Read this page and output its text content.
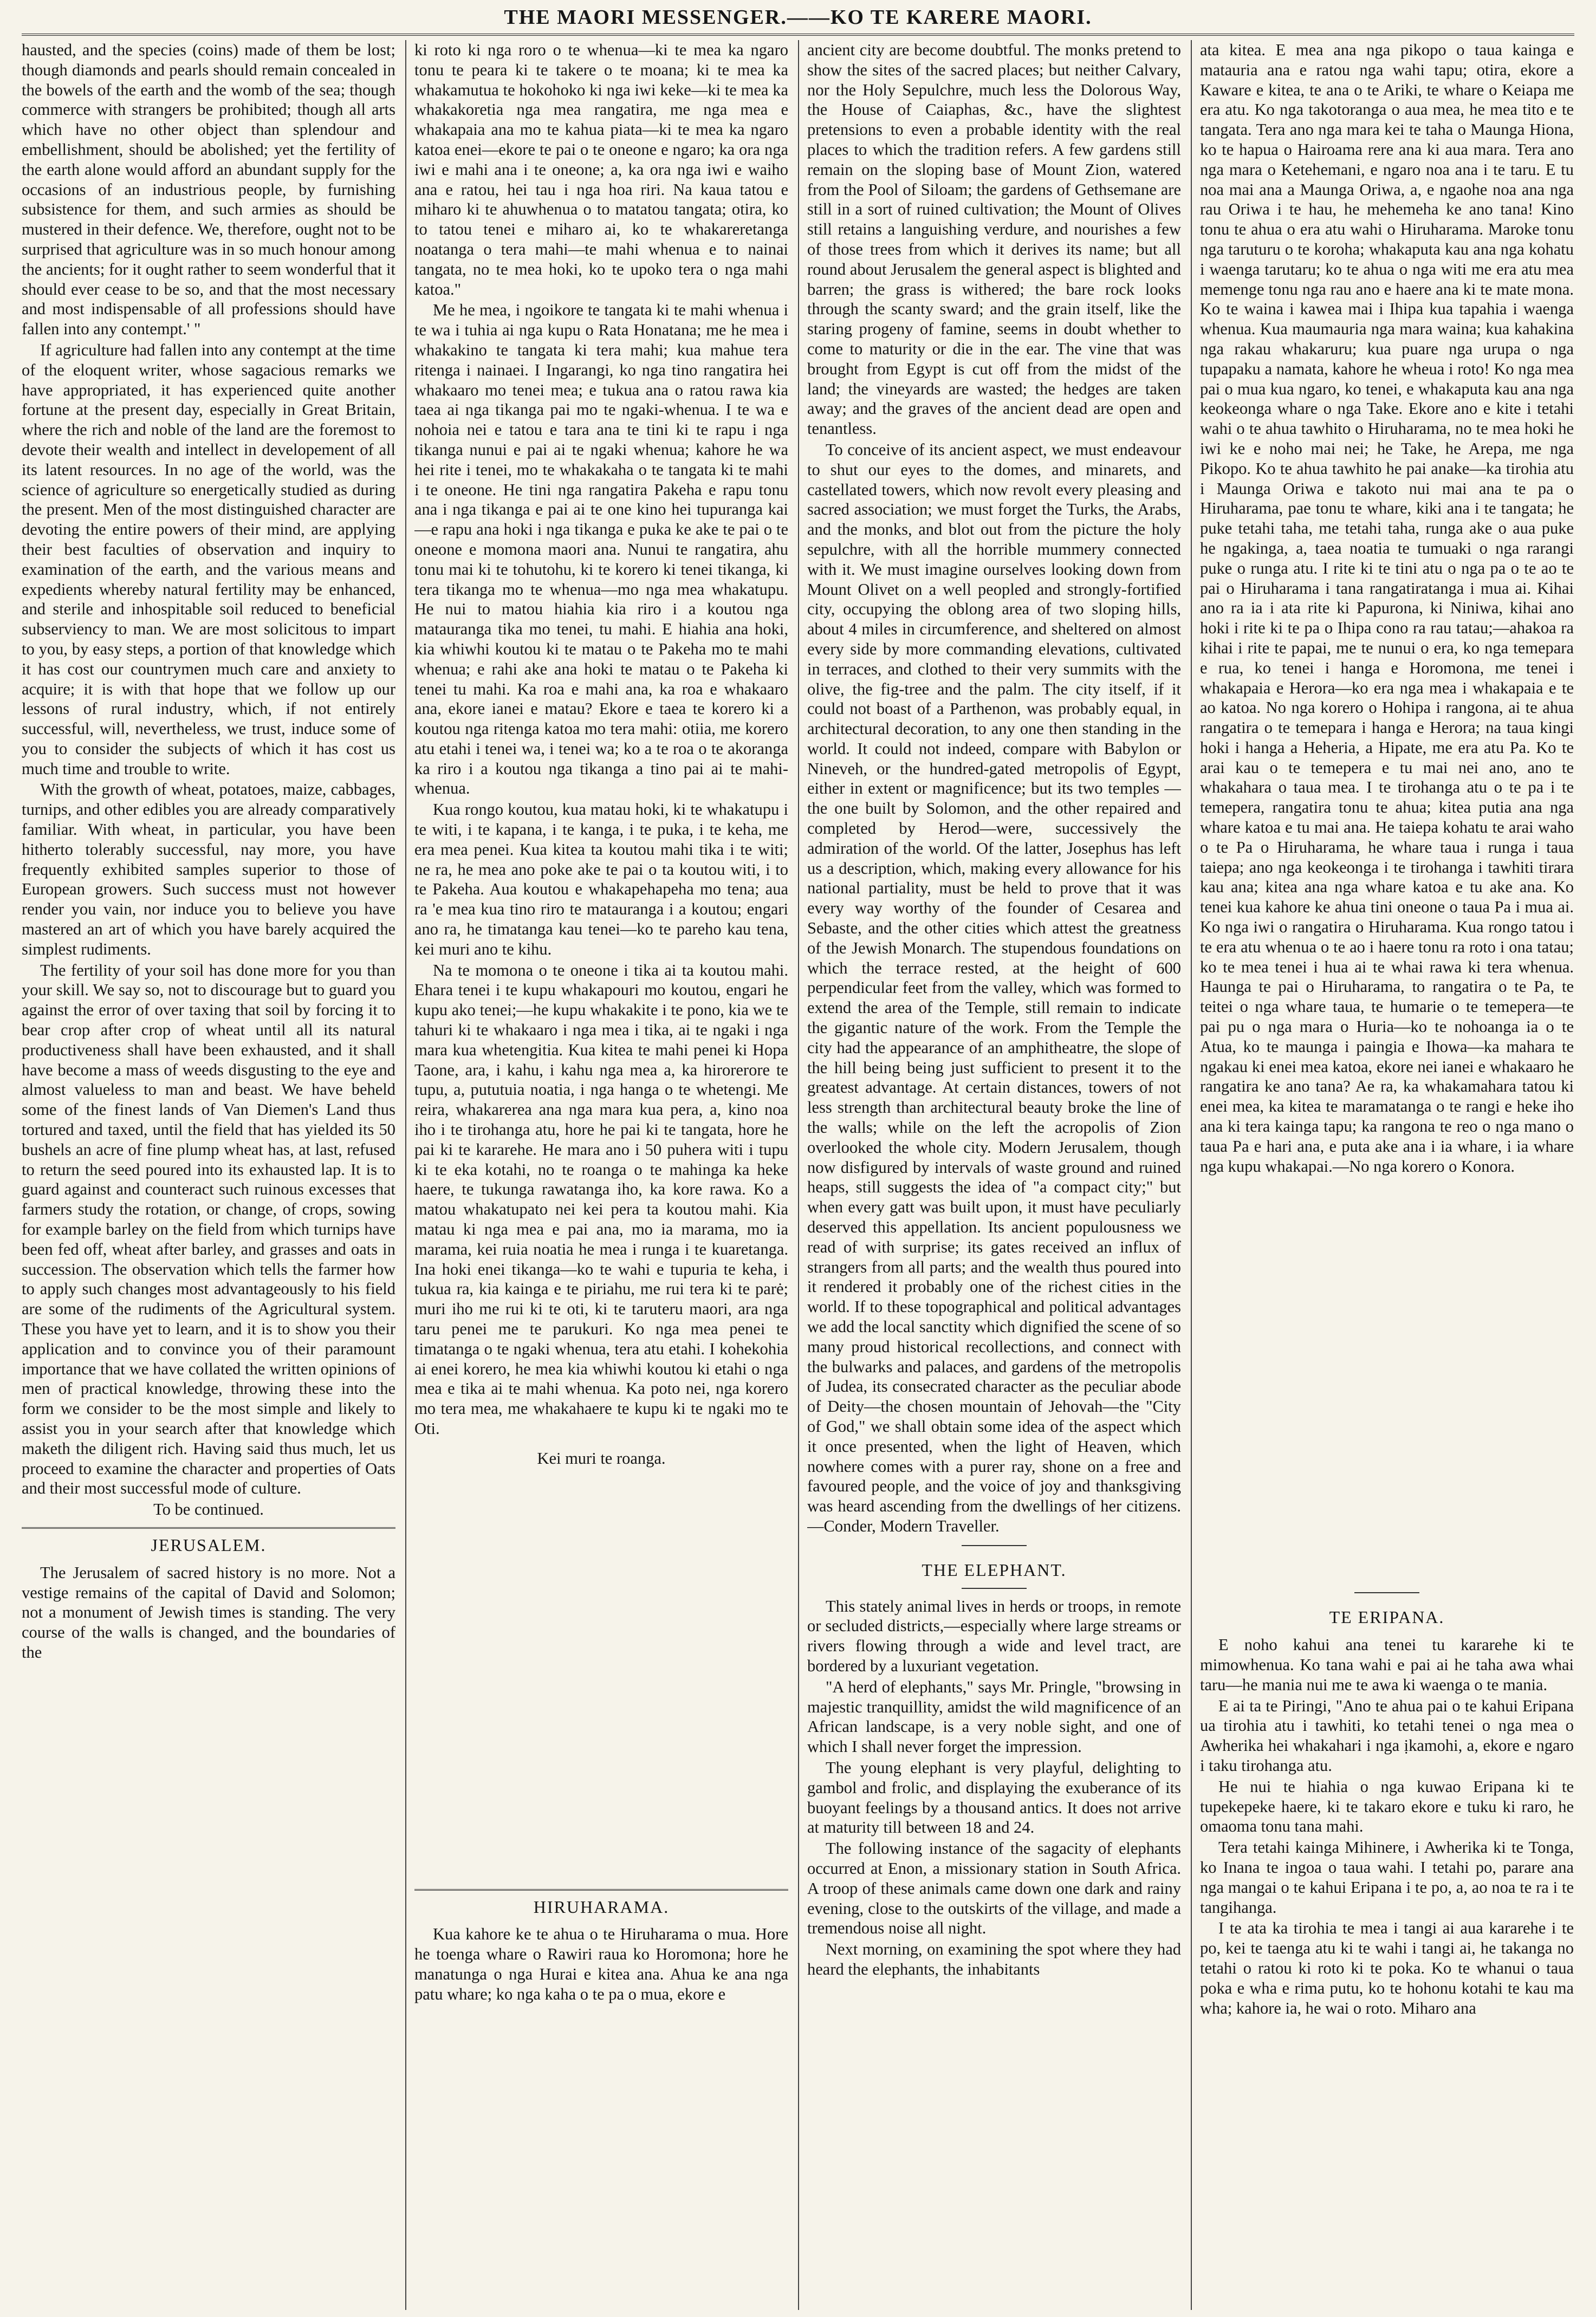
THE MAORI MESSENGER.——KO TE KARERE MAORI.

hausted, and the species (coins) made of them be lost; though diamonds and pearls should remain concealed in the bowels of the earth and the womb of the sea; though commerce with strangers be prohibited; though all arts which have no other object than splendour and embellishment, should be abolished; yet the fertility of the earth alone would afford an abundant supply for the occasions of an industrious people, by furnishing subsistence for them, and such armies as should be mustered in their defence. We, therefore, ought not to be surprised that agriculture was in so much honour among the ancients; for it ought rather to seem wonderful that it should ever cease to be so, and that the most necessary and most indispensable of all professions should have fallen into any contempt.' "

If agriculture had fallen into any contempt at the time of the eloquent writer, whose sagacious remarks we have appropriated, it has experienced quite another fortune at the present day, especially in Great Britain, where the rich and noble of the land are the foremost to devote their wealth and intellect in developement of all its latent resources. In no age of the world, was the science of agriculture so energetically studied as during the present. Men of the most distinguished character are devoting the entire powers of their mind, are applying their best faculties of observation and inquiry to examination of the earth, and the various means and expedients whereby natural fertility may be enhanced, and sterile and inhospitable soil reduced to beneficial subserviency to man. We are most solicitous to impart to you, by easy steps, a portion of that knowledge which it has cost our countrymen much care and anxiety to acquire; it is with that hope that we follow up our lessons of rural industry, which, if not entirely successful, will, nevertheless, we trust, induce some of you to consider the subjects of which it has cost us much time and trouble to write.

With the growth of wheat, potatoes, maize, cabbages, turnips, and other edibles you are already comparatively familiar. With wheat, in particular, you have been hitherto tolerably successful, nay more, you have frequently exhibited samples superior to those of European growers. Such success must not however render you vain, nor induce you to believe you have mastered an art of which you have barely acquired the simplest rudiments.

The fertility of your soil has done more for you than your skill. We say so, not to discourage but to guard you against the error of over taxing that soil by forcing it to bear crop after crop of wheat until all its natural productiveness shall have been exhausted, and it shall have become a mass of weeds disgusting to the eye and almost valueless to man and beast. We have beheld some of the finest lands of Van Diemen's Land thus tortured and taxed, until the field that has yielded its 50 bushels an acre of fine plump wheat has, at last, refused to return the seed poured into its exhausted lap. It is to guard against and counteract such ruinous excesses that farmers study the rotation, or change, of crops, sowing for example barley on the field from which turnips have been fed off, wheat after barley, and grasses and oats in succession. The observation which tells the farmer how to apply such changes most advantageously to his field are some of the rudiments of the Agricultural system. These you have yet to learn, and it is to show you their application and to convince you of their paramount importance that we have collated the written opinions of men of practical knowledge, throwing these into the form we consider to be the most simple and likely to assist you in your search after that knowledge which maketh the diligent rich. Having said thus much, let us proceed to examine the character and properties of Oats and their most successful mode of culture.

To be continued.

JERUSALEM.

The Jerusalem of sacred history is no more. Not a vestige remains of the capital of David and Solomon; not a monument of Jewish times is standing. The very course of the walls is changed, and the boundaries of the

ki roto ki nga roro o te whenua—ki te mea ka ngaro tonu te peara ki te takere o te moana; ki te mea ka whakamutua te hokohoko ki nga iwi keke—ki te mea ka whakakoretia nga mea rangatira, me nga mea e whakapaia ana mo te kahua piata—ki te mea ka ngaro katoa enei—ekore te pai o te oneone e ngaro; ka ora nga iwi e mahi ana i te oneone; a, ka ora nga iwi e waiho ana e ratou, hei tau i nga hoa riri. Na kaua tatou e miharo ki te ahuwhenua o to matatou tangata; otira, ko to tatou tenei e miharo ai, ko te whakareretanga noatanga o tera mahi—te mahi whenua e to nainai tangata, no te mea hoki, ko te upoko tera o nga mahi katoa."

Me he mea, i ngoikore te tangata ki te mahi whenua i te wa i tuhia ai nga kupu o Rata Honatana; me he mea i whakakino te tangata ki tera mahi; kua mahue tera ritenga i nainaei. I Ingarangi, ko nga tino rangatira hei whakaaro mo tenei mea; e tukua ana o ratou rawa kia taea ai nga tikanga pai mo te ngaki-whenua. I te wa e nohoia nei e tatou e tara ana te tini ki te rapu i nga tikanga nunui e pai ai te ngaki whenua; kahore he wa hei rite i tenei, mo te whakakaha o te tangata ki te mahi i te oneone. He tini nga rangatira Pakeha e rapu tonu ana i nga tikanga e pai ai te one kino hei tupuranga kai—e rapu ana hoki i nga tikanga e puka ke ake te pai o te oneone e momona maori ana. Nunui te rangatira, ahu tonu mai ki te tohutohu, ki te korero ki tenei tikanga, ki tera tikanga mo te whenua—mo nga mea whakatupu. He nui to matou hiahia kia riro i a koutou nga matauranga tika mo tenei, tu mahi. E hiahia ana hoki, kia whiwhi koutou ki te matau o te Pakeha mo te mahi whenua; e rahi ake ana hoki te matau o te Pakeha ki tenei tu mahi. Ka roa e mahi ana, ka roa e whakaaro ana, ekore ianei e matau? Ekore e taea te korero ki a koutou nga ritenga katoa mo tera mahi: otiia, me korero atu etahi i tenei wa, i tenei wa; ko a te roa o te akoranga ka riro i a koutou nga tikanga a tino pai ai te mahi-whenua.

Kua rongo koutou, kua matau hoki, ki te whakatupu i te witi, i te kapana, i te kanga, i te puka, i te keha, me era mea penei. Kua kitea ta koutou mahi tika i te witi; ne ra, he mea ano poke ake te pai o ta koutou witi, i to te Pakeha. Aua koutou e whakapehapeha mo tena; aua ra 'e mea kua tino riro te matauranga i a koutou; engari ano ra, he timatanga kau tenei—ko te pareho kau tena, kei muri ano te kihu.

Na te momona o te oneone i tika ai ta koutou mahi. Ehara tenei i te kupu whakapouri mo koutou, engari he kupu ako tenei;—he kupu whakakite i te pono, kia we te tahuri ki te whakaaro i nga mea i tika, ai te ngaki i nga mara kua whetengitia. Kua kitea te mahi penei ki Hopa Taone, ara, i kahu, i kahu nga mea a, ka hirorerore te tupu, a, pututuia noatia, i nga hanga o te whetengi. Me reira, whakarerea ana nga mara kua pera, a, kino noa iho i te tirohanga atu, hore he pai ki te tangata, hore he pai ki te kararehe. He mara ano i 50 puhera witi i tupu ki te eka kotahi, no te roanga o te mahinga ka heke haere, te tukunga rawatanga iho, ka kore rawa. Ko a matou whakatupato nei kei pera ta koutou mahi. Kia matau ki nga mea e pai ana, mo ia marama, mo ia marama, kei ruia noatia he mea i runga i te kuaretanga. Ina hoki enei tikanga—ko te wahi e tupuria te keha, i tukua ra, kia kainga e te piriahu, me rui tera ki te parė; muri iho me rui ki te oti, ki te taruteru maori, ara nga taru penei me te parukuri. Ko nga mea penei te timatanga o te ngaki whenua, tera atu etahi. I kohekohia ai enei korero, he mea kia whiwhi koutou ki etahi o nga mea e tika ai te mahi whenua. Ka poto nei, nga korero mo tera mea, me whakahaere te kupu ki te ngaki mo te Oti.

Kei muri te roanga.

HIRUHARAMA.

Kua kahore ke te ahua o te Hiruharama o mua. Hore he toenga whare o Rawiri raua ko Horomona; hore he manatunga o nga Hurai e kitea ana. Ahua ke ana nga patu whare; ko nga kaha o te pa o mua, ekore e

ancient city are become doubtful. The monks pretend to show the sites of the sacred places; but neither Calvary, nor the Holy Sepulchre, much less the Dolorous Way, the House of Caiaphas, &c., have the slightest pretensions to even a probable identity with the real places to which the tradition refers. A few gardens still remain on the sloping base of Mount Zion, watered from the Pool of Siloam; the gardens of Gethsemane are still in a sort of ruined cultivation; the Mount of Olives still retains a languishing verdure, and nourishes a few of those trees from which it derives its name; but all round about Jerusalem the general aspect is blighted and barren; the grass is withered; the bare rock looks through the scanty sward; and the grain itself, like the staring progeny of famine, seems in doubt whether to come to maturity or die in the ear. The vine that was brought from Egypt is cut off from the midst of the land; the vineyards are wasted; the hedges are taken away; and the graves of the ancient dead are open and tenantless.

To conceive of its ancient aspect, we must endeavour to shut our eyes to the domes, and minarets, and castellated towers, which now revolt every pleasing and sacred association; we must forget the Turks, the Arabs, and the monks, and blot out from the picture the holy sepulchre, with all the horrible mummery connected with it. We must imagine ourselves looking down from Mount Olivet on a well peopled and strongly-fortified city, occupying the oblong area of two sloping hills, about 4 miles in circumference, and sheltered on almost every side by more commanding elevations, cultivated in terraces, and clothed to their very summits with the olive, the fig-tree and the palm. The city itself, if it could not boast of a Parthenon, was probably equal, in architectural decoration, to any one then standing in the world. It could not indeed, compare with Babylon or Nineveh, or the hundred-gated metropolis of Egypt, either in extent or magnificence; but its two temples —the one built by Solomon, and the other repaired and completed by Herod—were, successively the admiration of the world. Of the latter, Josephus has left us a description, which, making every allowance for his national partiality, must be held to prove that it was every way worthy of the founder of Cesarea and Sebaste, and the other cities which attest the greatness of the Jewish Monarch. The stupendous foundations on which the terrace rested, at the height of 600 perpendicular feet from the valley, which was formed to extend the area of the Temple, still remain to indicate the gigantic nature of the work. From the Temple the city had the appearance of an amphitheatre, the slope of the hill being being just sufficient to present it to the greatest advantage. At certain distances, towers of not less strength than architectural beauty broke the line of the walls; while on the left the acropolis of Zion overlooked the whole city. Modern Jerusalem, though now disfigured by intervals of waste ground and ruined heaps, still suggests the idea of "a compact city;" but when every gatt was built upon, it must have peculiarly deserved this appellation. Its ancient populousness we read of with surprise; its gates received an influx of strangers from all parts; and the wealth thus poured into it rendered it probably one of the richest cities in the world. If to these topographical and political advantages we add the local sanctity which dignified the scene of so many proud historical recollections, and connect with the bulwarks and palaces, and gardens of the metropolis of Judea, its consecrated character as the peculiar abode of Deity—the chosen mountain of Jehovah—the "City of God," we shall obtain some idea of the aspect which it once presented, when the light of Heaven, which nowhere comes with a purer ray, shone on a free and favoured people, and the voice of joy and thanksgiving was heard ascending from the dwellings of her citizens.—Conder, Modern Traveller.

THE ELEPHANT.

This stately animal lives in herds or troops, in remote or secluded districts,—especially where large streams or rivers flowing through a wide and level tract, are bordered by a luxuriant vegetation.

"A herd of elephants," says Mr. Pringle, "browsing in majestic tranquillity, amidst the wild magnificence of an African landscape, is a very noble sight, and one of which I shall never forget the impression.

The young elephant is very playful, delighting to gambol and frolic, and displaying the exuberance of its buoyant feelings by a thousand antics. It does not arrive at maturity till between 18 and 24.

The following instance of the sagacity of elephants occurred at Enon, a missionary station in South Africa. A troop of these animals came down one dark and rainy evening, close to the outskirts of the village, and made a tremendous noise all night.

Next morning, on examining the spot where they had heard the elephants, the inhabitants

ata kitea. E mea ana nga pikopo o taua kainga e matauria ana e ratou nga wahi tapu; otira, ekore a Kaware e kitea, te ana o te Ariki, te whare o Keiapa me era atu. Ko nga takotoranga o aua mea, he mea tito e te tangata. Tera ano nga mara kei te taha o Maunga Hiona, ko te hapua o Hairoama rere ana ki aua mara. Tera ano nga mara o Ketehemani, e ngaro noa ana i te taru. E tu noa mai ana a Maunga Oriwa, a, e ngaohe noa ana nga rau Oriwa i te hau, he mehemeha ke ano tana! Kino tonu te ahua o era atu wahi o Hiruharama. Maroke tonu nga taruturu o te koroha; whakaputa kau ana nga kohatu i waenga tarutaru; ko te ahua o nga witi me era atu mea memenge tonu nga rau ano e haere ana ki te mate mona. Ko te waina i kawea mai i Ihipa kua tapahia i waenga whenua. Kua maumauria nga mara waina; kua kahakina nga rakau whakaruru; kua puare nga urupa o nga tupapaku a namata, kahore he wheua i roto! Ko nga mea pai o mua kua ngaro, ko tenei, e whakaputa kau ana nga keokeonga whare o nga Take. Ekore ano e kite i tetahi wahi o te ahua tawhito o Hiruharama, no te mea hoki he iwi ke e noho mai nei; he Take, he Arepa, me nga Pikopo. Ko te ahua tawhito he pai anake—ka tirohia atu i Maunga Oriwa e takoto nui mai ana te pa o Hiruharama, pae tonu te whare, kiki ana i te tangata; he puke tetahi taha, me tetahi taha, runga ake o aua puke he ngakinga, a, taea noatia te tumuaki o nga rarangi puke o runga atu. I rite ki te tini atu o nga pa o te ao te pai o Hiruharama i tana rangatiratanga i mua ai. Kihai ano ra ia i ata rite ki Papurona, ki Niniwa, kihai ano hoki i rite ki te pa o Ihipa cono ra rau tatau;—ahakoa ra kihai i rite te papai, me te nunui o era, ko nga temepara e rua, ko tenei i hanga e Horomona, me tenei i whakapaia e Herora—ko era nga mea i whakapaia e te ao katoa. No nga korero o Hohipa i rangona, ai te ahua rangatira o te temepara i hanga e Herora; na taua kingi hoki i hanga a Heheria, a Hipate, me era atu Pa. Ko te arai kau o te temepera e tu mai nei ano, ano te whakahara o taua mea. I te tirohanga atu o te pa i te temepera, rangatira tonu te ahua; kitea putia ana nga whare katoa e tu mai ana. He taiepa kohatu te arai waho o te Pa o Hiruharama, he whare taua i runga i taua taiepa; ano nga keokeonga i te tirohanga i tawhiti tirara kau ana; kitea ana nga whare katoa e tu ake ana. Ko tenei kua kahore ke ahua tini oneone o taua Pa i mua ai. Ko nga iwi o rangatira o Hiruharama. Kua rongo tatou i te era atu whenua o te ao i haere tonu ra roto i ona tatau; ko te mea tenei i hua ai te whai rawa ki tera whenua. Haunga te pai o Hiruharama, to rangatira o te Pa, te teitei o nga whare taua, te humarie o te temepera—te pai pu o nga mara o Huria—ko te nohoanga ia o te Atua, ko te maunga i paingia e Ihowa—ka mahara te ngakau ki enei mea katoa, ekore nei ianei e whakaaro he rangatira ke ano tana? Ae ra, ka whakamahara tatou ki enei mea, ka kitea te maramatanga o te rangi e heke iho ana ki tera kainga tapu; ka rangona te reo o nga mano o taua Pa e hari ana, e puta ake ana i ia whare, i ia whare nga kupu whakapai.—No nga korero o Konora.

TE ERIPANA.

E noho kahui ana tenei tu kararehe ki te mimowhenua. Ko tana wahi e pai ai he taha awa whai taru—he mania nui me te awa ki waenga o te mania.

E ai ta te Piringi, "Ano te ahua pai o te kahui Eripana ua tirohia atu i tawhiti, ko tetahi tenei o nga mea o Awherika hei whakahari i nga ịkamohi, a, ekore e ngaro i taku tirohanga atu.

He nui te hiahia o nga kuwao Eripana ki te tupekepeke haere, ki te takaro ekore e tuku ki raro, he omaoma tonu tana mahi.

Tera tetahi kainga Mihinere, i Awherika ki te Tonga, ko Inana te ingoa o taua wahi. I tetahi po, parare ana nga mangai o te kahui Eripana i te po, a, ao noa te ra i te tangihanga.

I te ata ka tirohia te mea i tangi ai aua kararehe i te po, kei te taenga atu ki te wahi i tangi ai, he takanga no tetahi o ratou ki roto ki te poka. Ko te whanui o taua poka e wha e rima putu, ko te hohonu kotahi te kau ma wha; kahore ia, he wai o roto. Miharo ana
